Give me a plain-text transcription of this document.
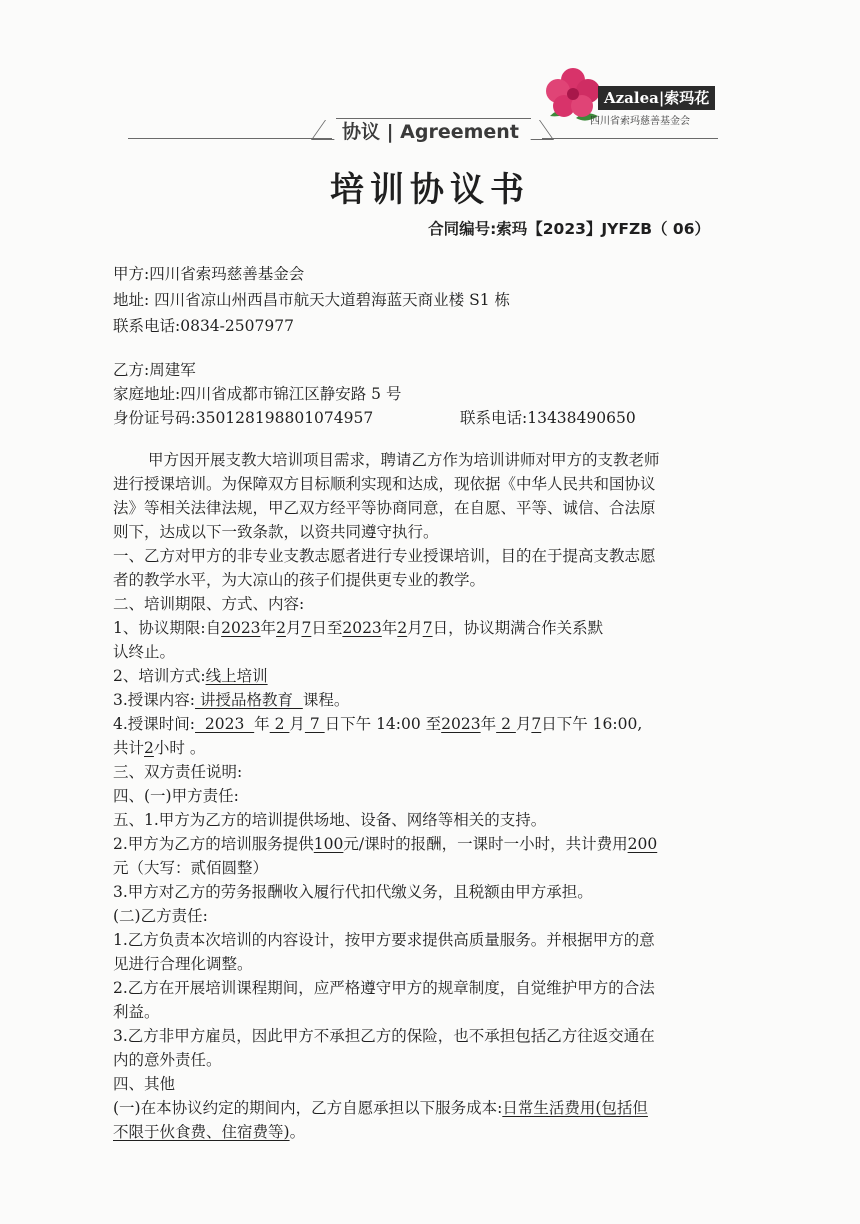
Azalea|索玛花
四川省索玛慈善基金会
协议 | Agreement
培训协议书
合同编号:索玛【2023】JYFZB（ 06）
甲方:四川省索玛慈善基金会
地址: 四川省凉山州西昌市航天大道碧海蓝天商业楼 S1 栋
联系电话:0834-2507977
乙方:周建军
家庭地址:四川省成都市锦江区静安路 5 号
身份证号码:350128198801074957	联系电话:13438490650
甲方因开展支教大培训项目需求，聘请乙方作为培训讲师对甲方的支教老师
进行授课培训。为保障双方目标顺利实现和达成，现依据《中华人民共和国协议
法》等相关法律法规，甲乙双方经平等协商同意，在自愿、平等、诚信、合法原
则下，达成以下一致条款，以资共同遵守执行。
一、乙方对甲方的非专业支教志愿者进行专业授课培训，目的在于提高支教志愿
者的教学水平，为大凉山的孩子们提供更专业的教学。
二、培训期限、方式、内容:
1、协议期限:自2023年2月7日至2023年2月7日，协议期满合作关系默
认终止。
2、培训方式:线上培训
3.授课内容: 讲授品格教育  课程。
4.授课时间:  2023  年 2 月 7 日下午 14:00 至2023年 2 月7日下午 16:00,
共计2小时 。
三、双方责任说明:
四、(一)甲方责任:
五、1.甲方为乙方的培训提供场地、设备、网络等相关的支持。
2.甲方为乙方的培训服务提供100元/课时的报酬，一课时一小时，共计费用200
元（大写：贰佰圆整）
3.甲方对乙方的劳务报酬收入履行代扣代缴义务，且税额由甲方承担。
(二)乙方责任:
1.乙方负责本次培训的内容设计，按甲方要求提供高质量服务。并根据甲方的意
见进行合理化调整。
2.乙方在开展培训课程期间，应严格遵守甲方的规章制度，自觉维护甲方的合法
利益。
3.乙方非甲方雇员，因此甲方不承担乙方的保险，也不承担包括乙方往返交通在
内的意外责任。
四、其他
(一)在本协议约定的期间内，乙方自愿承担以下服务成本:日常生活费用(包括但
不限于伙食费、住宿费等)。
